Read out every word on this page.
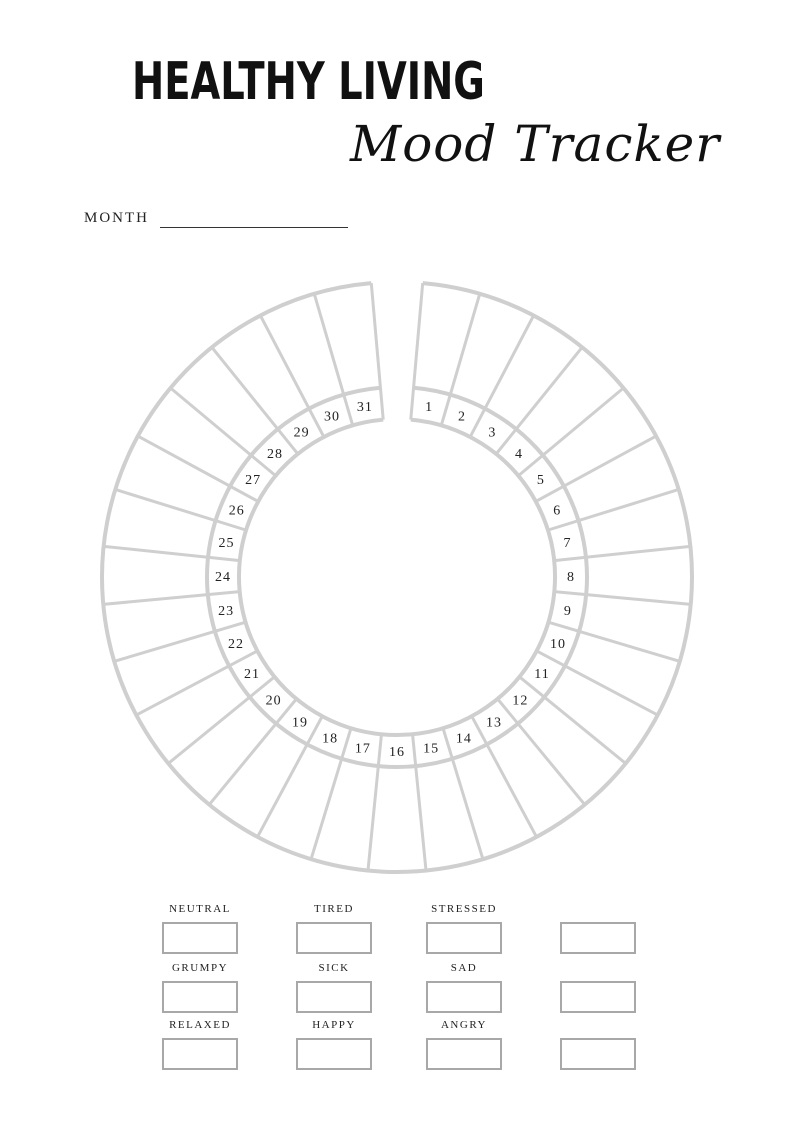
HEALTHY LIVING
Mood Tracker
MONTH
1
2
3
4
5
6
7
8
9
10
11
12
13
14
15
16
17
18
19
20
21
22
23
24
25
26
27
28
29
30
31
NEUTRAL	TIRED	STRESSED
GRUMPY	SICK	SAD
RELAXED	HAPPY	ANGRY
